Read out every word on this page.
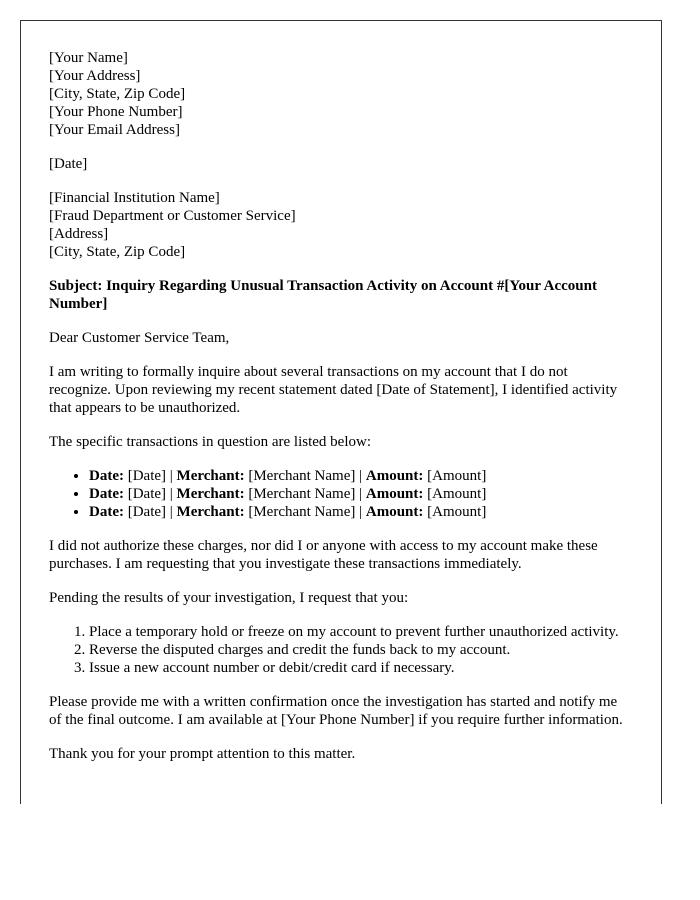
[Your Name]
[Your Address]
[City, State, Zip Code]
[Your Phone Number]
[Your Email Address]

[Date]

[Financial Institution Name]
[Fraud Department or Customer Service]
[Address]
[City, State, Zip Code]

Subject: Inquiry Regarding Unusual Transaction Activity on Account #[Your Account Number]

Dear Customer Service Team,

I am writing to formally inquire about several transactions on my account that I do not recognize. Upon reviewing my recent statement dated [Date of Statement], I identified activity that appears to be unauthorized.

The specific transactions in question are listed below:

• Date: [Date] | Merchant: [Merchant Name] | Amount: [Amount]
• Date: [Date] | Merchant: [Merchant Name] | Amount: [Amount]
• Date: [Date] | Merchant: [Merchant Name] | Amount: [Amount]

I did not authorize these charges, nor did I or anyone with access to my account make these purchases. I am requesting that you investigate these transactions immediately.

Pending the results of your investigation, I request that you:

1. Place a temporary hold or freeze on my account to prevent further unauthorized activity.
2. Reverse the disputed charges and credit the funds back to my account.
3. Issue a new account number or debit/credit card if necessary.

Please provide me with a written confirmation once the investigation has started and notify me of the final outcome. I am available at [Your Phone Number] if you require further information.

Thank you for your prompt attention to this matter.
